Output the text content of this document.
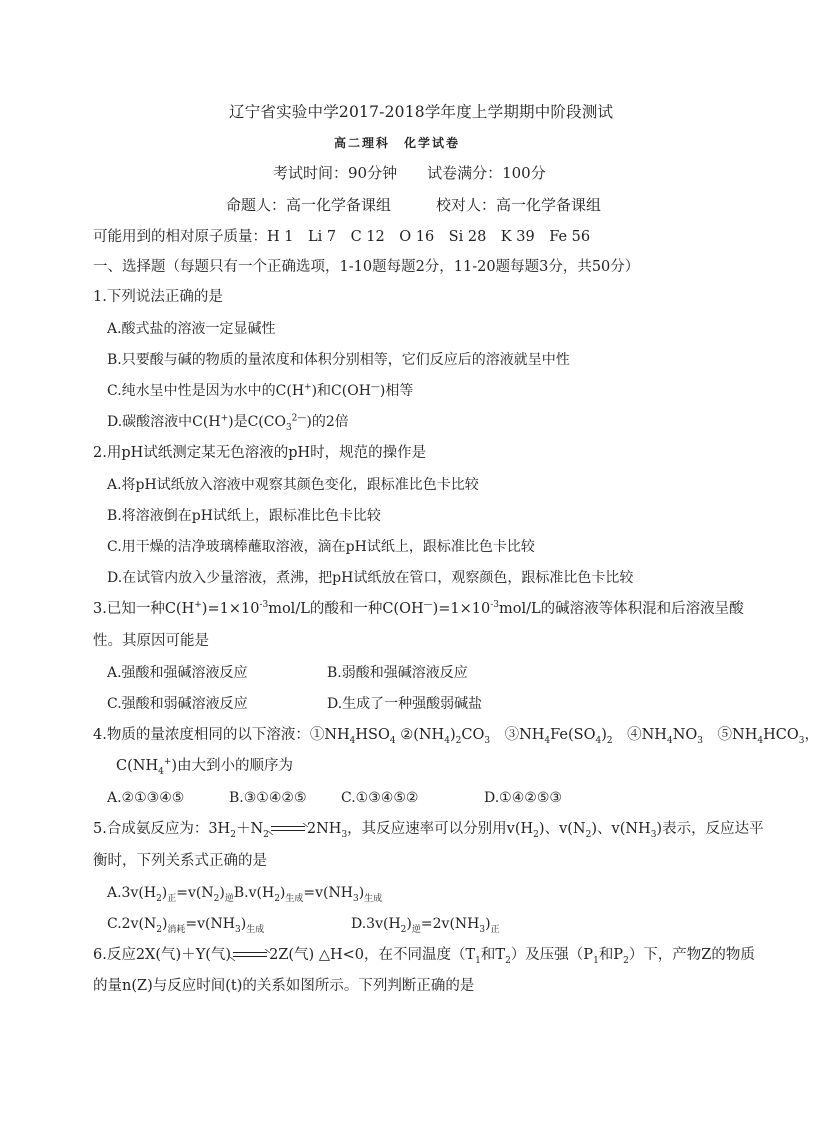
辽宁省实验中学2017-2018学年度上学期期中阶段测试
高二理科　化学试卷
考试时间：90分钟　　试卷满分：100分
命题人：高一化学备课组　　　校对人：高一化学备课组
可能用到的相对原子质量：H 1　Li 7　C 12　O 16　Si 28　K 39　Fe 56
一、选择题（每题只有一个正确选项，1-10题每题2分，11-20题每题3分，共50分）
1.下列说法正确的是
A.酸式盐的溶液一定显碱性
B.只要酸与碱的物质的量浓度和体积分别相等，它们反应后的溶液就呈中性
C.纯水呈中性是因为水中的C(H+)和C(OH—)相等
D.碳酸溶液中C(H+)是$C(CO_3^{2—})$的2倍
2.用pH试纸测定某无色溶液的pH时，规范的操作是
A.将pH试纸放入溶液中观察其颜色变化，跟标准比色卡比较
B.将溶液倒在pH试纸上，跟标准比色卡比较
C.用干燥的洁净玻璃棒蘸取溶液，滴在pH试纸上，跟标准比色卡比较
D.在试管内放入少量溶液，煮沸，把pH试纸放在管口，观察颜色，跟标准比色卡比较
3.已知一种$C(H^+)=1\times 10^{-3}mol/L$的酸和一种$C(OH^—)=1\times 10^{-3}mol/L$的碱溶液等体积混和后溶液呈酸
性。其原因可能是
A.强酸和强碱溶液反应	B.弱酸和强碱溶液反应
C.强酸和弱碱溶液反应	D.生成了一种强酸弱碱盐
4.物质的量浓度相同的以下溶液：$①NH_4HSO_4$ $②(NH_4)_2CO_3$　$③NH_4Fe(SO_4)_2$　$④NH_4NO_3$　$⑤NH_4HCO_3$，
$C(NH_4^+)$由大到小的顺序为
A.②①③④⑤	B.③①④②⑤ C.①③④⑤②	D.①④②⑤③
5.合成氨反应为：$3H_2+N_2$	$2NH_3$，其反应速率可以分别用$v(H_2)$、$v(N_2)$、$v(NH_3)$表示，反应达平
衡时，下列关系式正确的是
$A.3v(H_2)_正=v(N_2)_逆B.v(H_2)_{生成}=v(NH_3)_{生成}$
$C.2v(N_2)_{消耗}=v(NH_3)_{生成}$	$D.3v(H_2)_逆=2v(NH_3)_正$
6.反应2X(气)＋Y(气)	2Z(气) △H<0，在不同温度（$T_1$和$T_2$）及压强（$P_1$和$P_2$）下，产物Z的物质
的量n(Z)与反应时间(t)的关系如图所示。下列判断正确的是
